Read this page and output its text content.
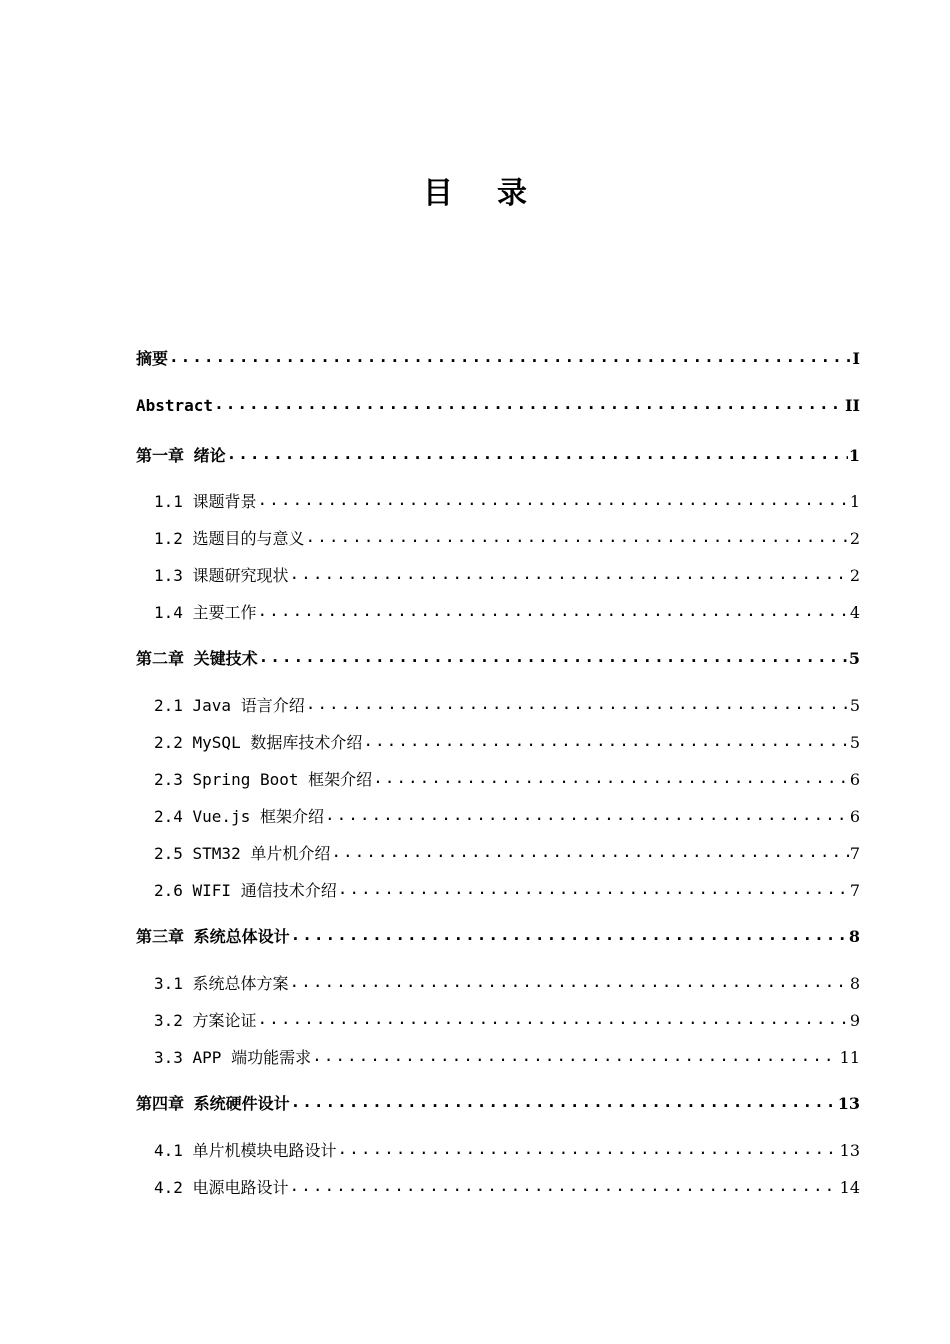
目 录
摘要 .....	I
Abstract .....	II
第一章 绪论 .....	1
1.1 课题背景 .....	1
1.2 选题目的与意义 .....	2
1.3 课题研究现状 .....	2
1.4 主要工作 .....	4
第二章 关键技术 .....	5
2.1 Java 语言介绍 .....	5
2.2 MySQL 数据库技术介绍 .....	5
2.3 Spring Boot 框架介绍 .....	6
2.4 Vue.js 框架介绍 .....	6
2.5 STM32 单片机介绍 .....	7
2.6 WIFI 通信技术介绍 .....	7
第三章 系统总体设计 .....	8
3.1 系统总体方案 .....	8
3.2 方案论证 .....	9
3.3 APP 端功能需求 .....	11
第四章 系统硬件设计 .....	13
4.1 单片机模块电路设计 .....	13
4.2 电源电路设计 .....	14
